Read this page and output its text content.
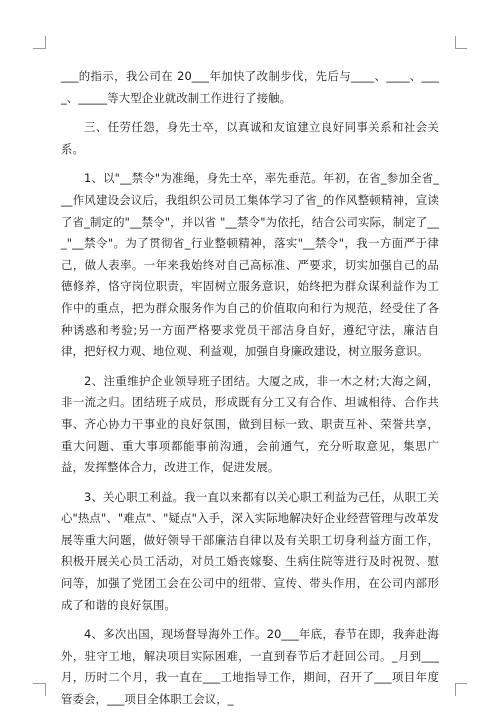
___的指示，我公司在 20___年加快了改制步伐，先后与____、____、____、_____等大型企业就改制工作进行了接触。

三、任劳任怨，身先士卒，以真诚和友谊建立良好同事关系和社会关系。

1、以"__禁令"为准绳，身先士卒，率先垂范。年初，在省_参加全省___作风建设会议后，我组织公司员工集体学习了省_的作风整顿精神，宣读了省_制定的"__禁令"，并以省 "__禁令"为依托，结合公司实际，制定了___"__禁令"。为了贯彻省_行业整顿精神，落实"__禁令"，我一方面严于律己，做人表率。一年来我始终对自己高标准、严要求，切实加强自己的品德修养，恪守岗位职责，牢固树立服务意识，始终把为群众谋利益作为工作中的重点，把为群众服务作为自己的价值取向和行为规范，经受住了各种诱惑和考验;另一方面严格要求党员干部洁身自好，遵纪守法，廉洁自律，把好权力观、地位观、利益观，加强自身廉政建设，树立服务意识。

2、注重维护企业领导班子团结。大厦之成，非一木之材;大海之阔，非一流之归。团结班子成员，形成既有分工又有合作、坦诚相待、合作共事、齐心协力干事业的良好氛围，做到目标一致、职责互补、荣誉共享，重大问题、重大事项都能事前沟通，会前通气，充分听取意见，集思广益，发挥整体合力，改进工作，促进发展。

3、关心职工利益。我一直以来都有以关心职工利益为己任，从职工关心"热点"、"难点"、"疑点"入手，深入实际地解决好企业经营管理与改革发展等重大问题，做好领导干部廉洁自律以及有关职工切身利益方面工作，积极开展关心员工活动，对员工婚丧嫁娶、生病住院等进行及时祝贺、慰问等，加强了党团工会在公司中的纽带、宣传、带头作用，在公司内部形成了和谐的良好氛围。

4、多次出国，现场督导海外工作。20___年底，春节在即，我奔赴海外，驻守工地，解决项目实际困难，一直到春节后才赶回公司。_月到___月，历时二个月，我一直在___工地指导工作，期间，召开了___项目年度管委会，___项目全体职工会议，_
